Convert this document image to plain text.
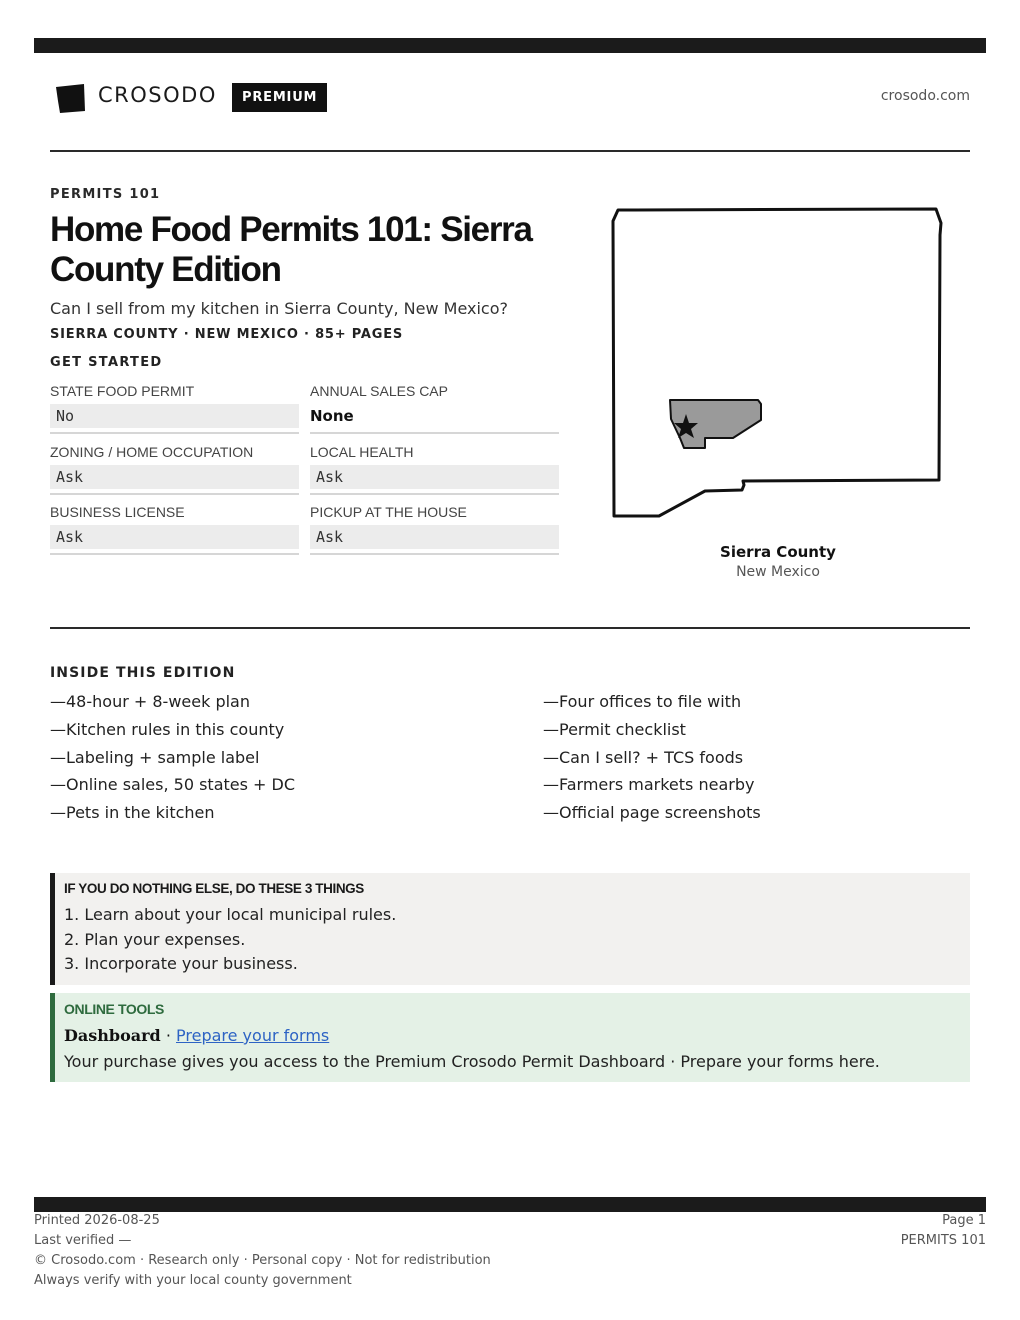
CROSODO	PREMIUM	crosodo.com
PERMITS 101
Home Food Permits 101: Sierra County Edition
Can I sell from my kitchen in Sierra County, New Mexico?
SIERRA COUNTY · NEW MEXICO · 85+ PAGES
GET STARTED
STATE FOOD PERMIT
No
ANNUAL SALES CAP
None
ZONING / HOME OCCUPATION
Ask
LOCAL HEALTH
Ask
BUSINESS LICENSE
Ask
PICKUP AT THE HOUSE
Ask
Sierra County
New Mexico
INSIDE THIS EDITION
—48-hour + 8-week plan
—Kitchen rules in this county
—Labeling + sample label
—Online sales, 50 states + DC
—Pets in the kitchen
—Four offices to file with
—Permit checklist
—Can I sell? + TCS foods
—Farmers markets nearby
—Official page screenshots
IF YOU DO NOTHING ELSE, DO THESE 3 THINGS
1. Learn about your local municipal rules.
2. Plan your expenses.
3. Incorporate your business.
ONLINE TOOLS
Dashboard · Prepare your forms
Your purchase gives you access to the Premium Crosodo Permit Dashboard · Prepare your forms here.
Printed 2026-08-25
Last verified —
© Crosodo.com · Research only · Personal copy · Not for redistribution
Always verify with your local county government
Page 1
PERMITS 101
